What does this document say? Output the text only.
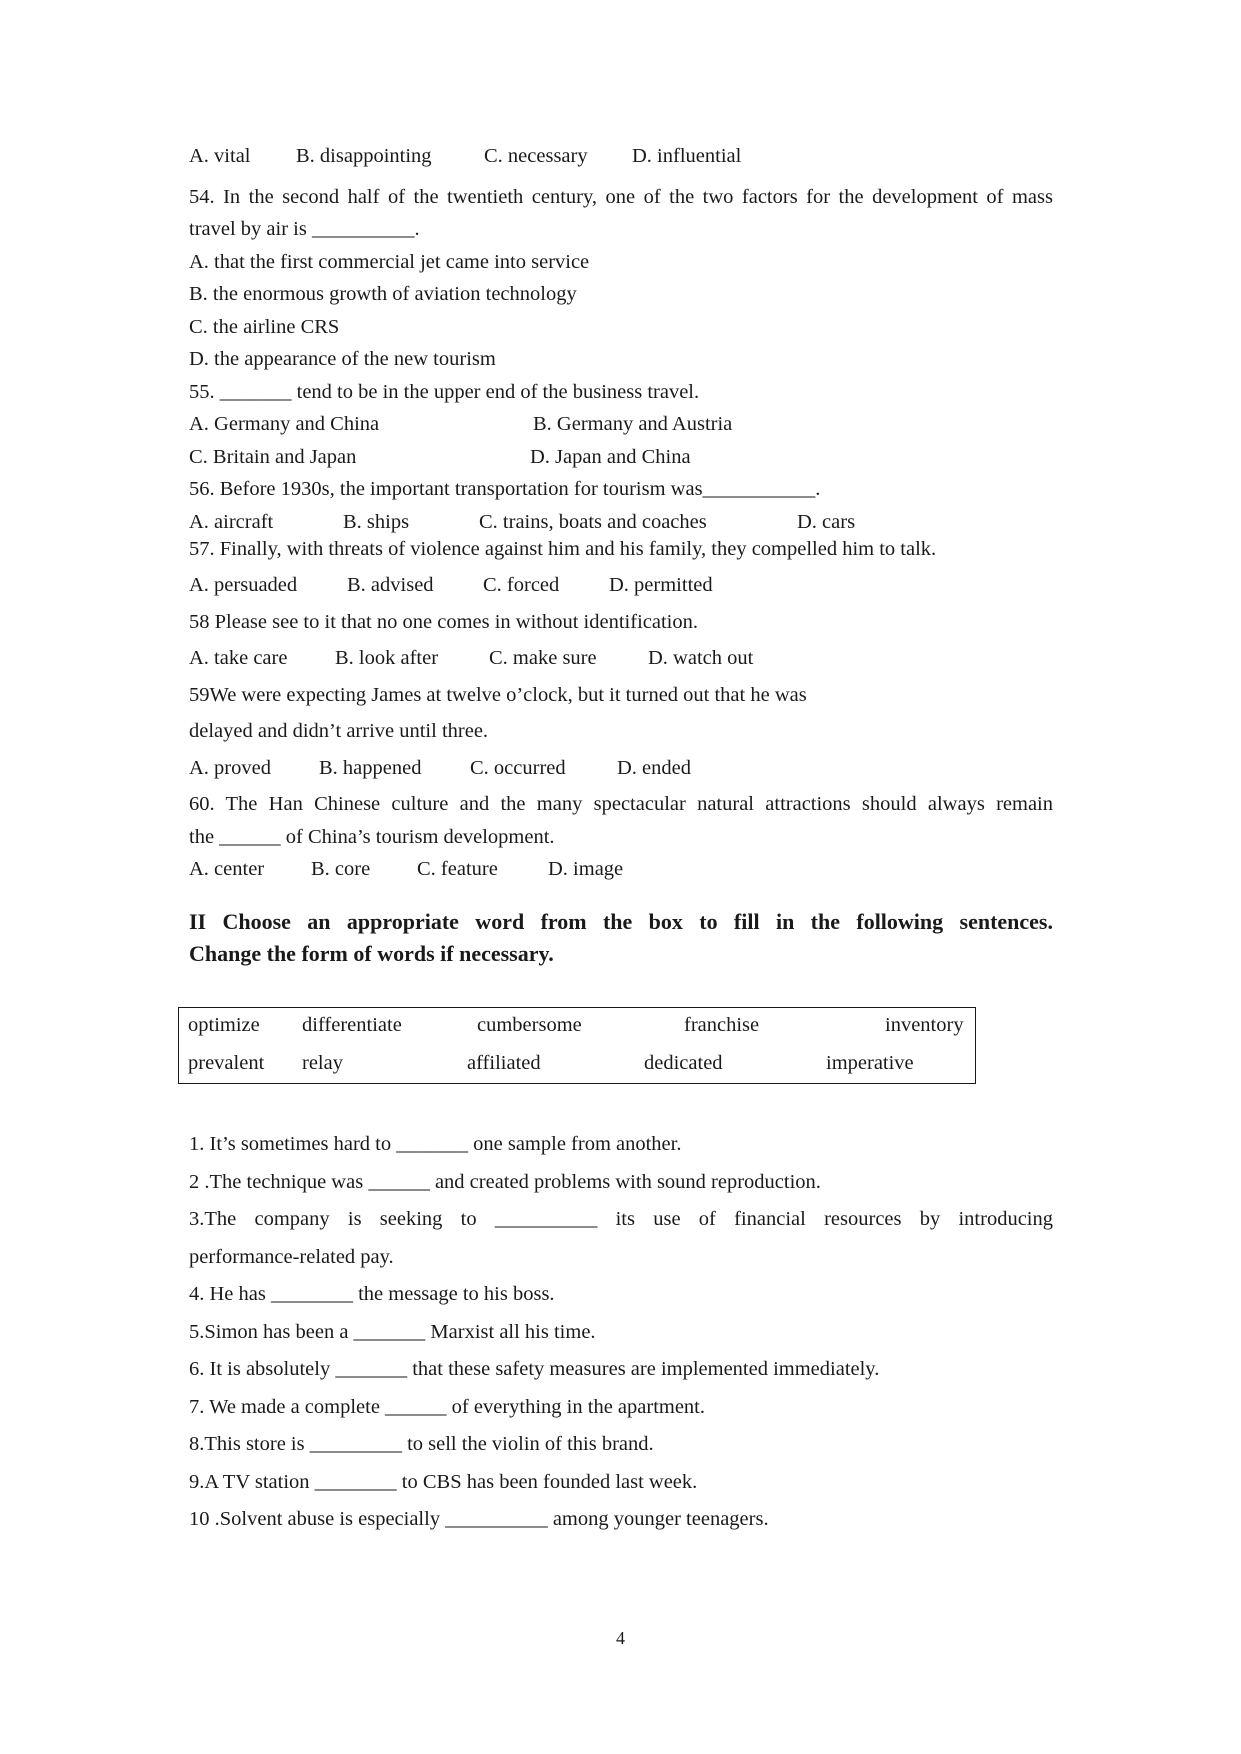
A. vital B. disappointing	C. necessary D. influential
54. In the second half of the twentieth century, one of the two factors for the development of mass
travel by air is __________.
A. that the first commercial jet came into service
B. the enormous growth of aviation technology
C. the airline CRS
D. the appearance of the new tourism
55. _______ tend to be in the upper end of the business travel.
A. Germany and China	B. Germany and Austria
C. Britain and Japan	D. Japan and China
56. Before 1930s, the important transportation for tourism was___________.
A. aircraft	B. ships	C. trains, boats and coaches	D. cars
57. Finally, with threats of violence against him and his family, they compelled him to talk.
A. persuaded B. advised C. forced D. permitted
58 Please see to it that no one comes in without identification.
A. take care B. look after C. make sure	D. watch out
59We were expecting James at twelve o’clock, but it turned out that he was
delayed and didn’t arrive until three.
A. proved B. happened C. occurred	D. ended
60. The Han Chinese culture and the many spectacular natural attractions should always remain
the ______ of China’s tourism development.
A. center B. core C. feature D. image
II Choose an appropriate word from the box to fill in the following sentences.
Change the form of words if necessary.
optimize differentiate	cumbersome	franchise	inventory
prevalent relay	affiliated	dedicated	imperative
1. It’s sometimes hard to _______ one sample from another.
2 .The technique was ______ and created problems with sound reproduction.
3.The company is seeking to __________ its use of financial resources by introducing
performance-related pay.
4. He has ________ the message to his boss.
5.Simon has been a _______ Marxist all his time.
6. It is absolutely _______ that these safety measures are implemented immediately.
7. We made a complete ______ of everything in the apartment.
8.This store is _________ to sell the violin of this brand.
9.A TV station ________ to CBS has been founded last week.
10 .Solvent abuse is especially __________ among younger teenagers.
4
